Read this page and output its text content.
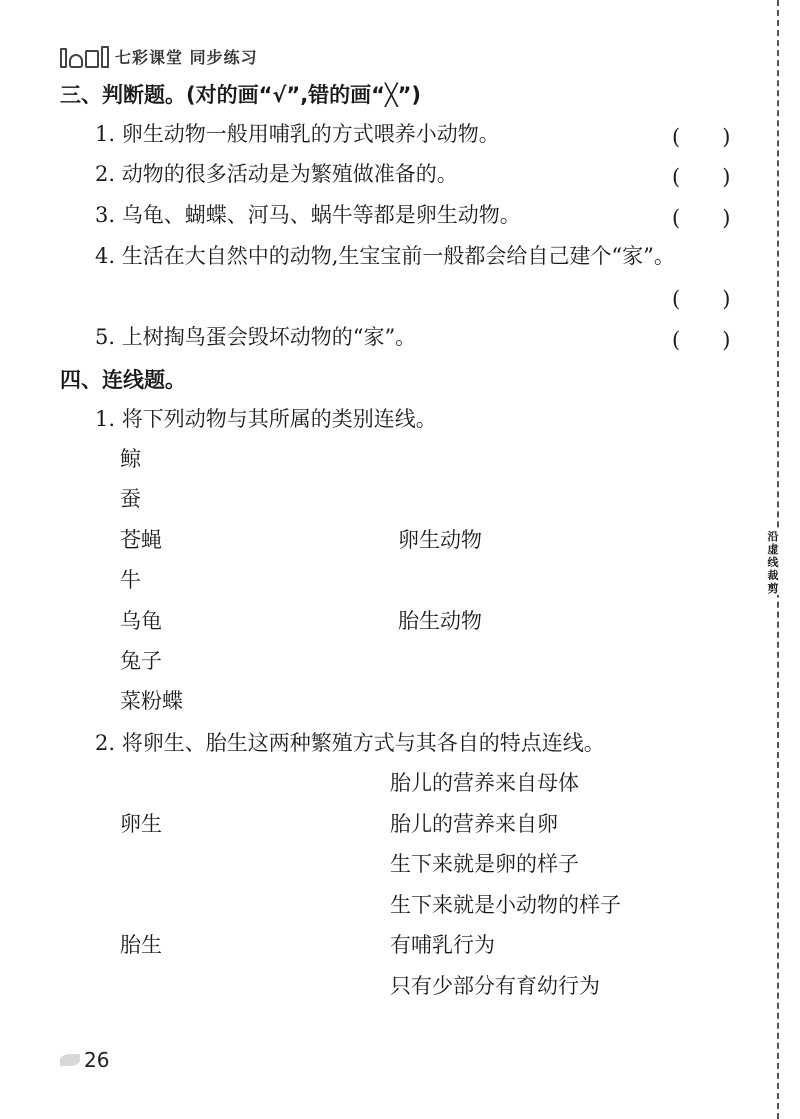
七彩课堂 同步练习
沿虚线裁剪
三、判断题。(对的画“√”,错的画“╳”)
1. 卵生动物一般用哺乳的方式喂养小动物。	(　　)
2. 动物的很多活动是为繁殖做准备的。	(　　)
3. 乌龟、蝴蝶、河马、蜗牛等都是卵生动物。	(　　)
4. 生活在大自然中的动物,生宝宝前一般都会给自己建个“家”。
(　　)
5. 上树掏鸟蛋会毁坏动物的“家”。	(　　)
四、连线题。
1. 将下列动物与其所属的类别连线。
鲸
蚕
苍蝇
牛
乌龟
兔子
菜粉蝶
卵生动物
胎生动物
2. 将卵生、胎生这两种繁殖方式与其各自的特点连线。
卵生
胎生
胎儿的营养来自母体
胎儿的营养来自卵
生下来就是卵的样子
生下来就是小动物的样子
有哺乳行为
只有少部分有育幼行为
26
